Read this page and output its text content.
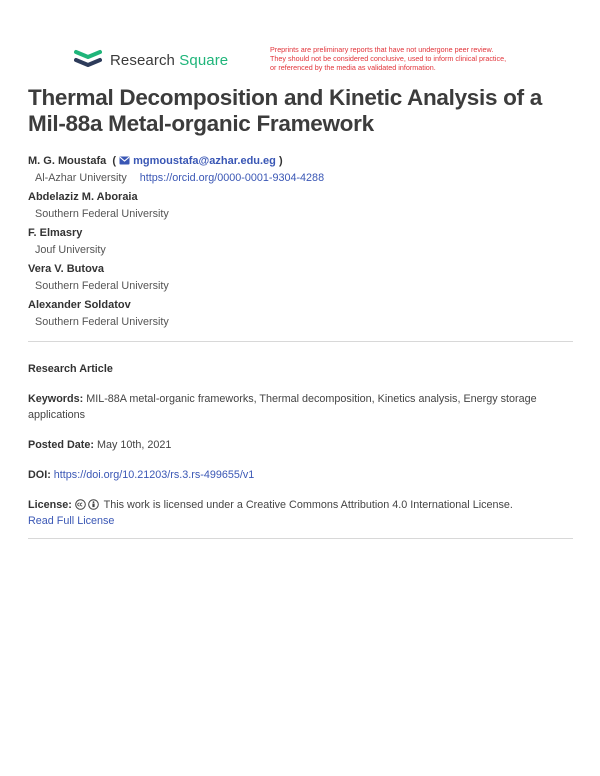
Research Square
Preprints are preliminary reports that have not undergone peer review.
They should not be considered conclusive, used to inform clinical practice,
or referenced by the media as validated information.
Thermal Decomposition and Kinetic Analysis of a Mil-88a Metal-organic Framework
M. G. Moustafa  (  mgmoustafa@azhar.edu.eg )
Al-Azhar University https://orcid.org/0000-0001-9304-4288
Abdelaziz M. Aboraia
Southern Federal University
F. Elmasry
Jouf University
Vera V. Butova
Southern Federal University
Alexander Soldatov
Southern Federal University
Research Article
Keywords: MIL-88A metal-organic frameworks, Thermal decomposition, Kinetics analysis, Energy storage applications
Posted Date: May 10th, 2021
DOI: https://doi.org/10.21203/rs.3.rs-499655/v1
License:	This work is licensed under a Creative Commons Attribution 4.0 International License.
Read Full License
